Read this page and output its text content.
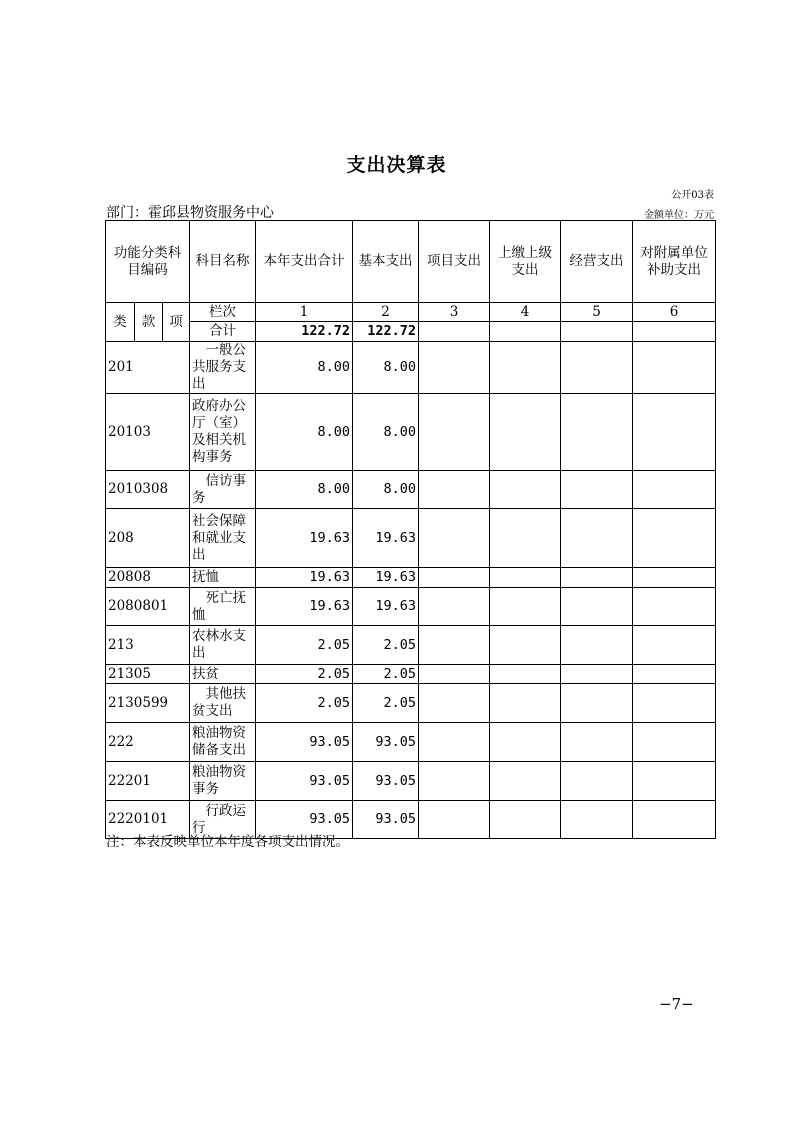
支出决算表
公开03表
部门：霍邱县物资服务中心	金额单位：万元
功能分类科目编码			科目名称	本年支出合计	基本支出	项目支出	上缴上级支出	经营支出	对附属单位补助支出
类	款	项	栏次	1	2	3	4	5	6
			合计	122.72	122.72				
201			一般公共服务支出	8.00	8.00				
20103			政府办公厅（室）及相关机构事务	8.00	8.00				
2010308			信访事务	8.00	8.00				
208			社会保障和就业支出	19.63	19.63				
20808			抚恤	19.63	19.63				
2080801			死亡抚恤	19.63	19.63				
213			农林水支出	2.05	2.05				
21305			扶贫	2.05	2.05				
2130599			其他扶贫支出	2.05	2.05				
222			粮油物资储备支出	93.05	93.05				
22201			粮油物资事务	93.05	93.05				
2220101			行政运行	93.05	93.05				
注：本表反映单位本年度各项支出情况。
−7−
